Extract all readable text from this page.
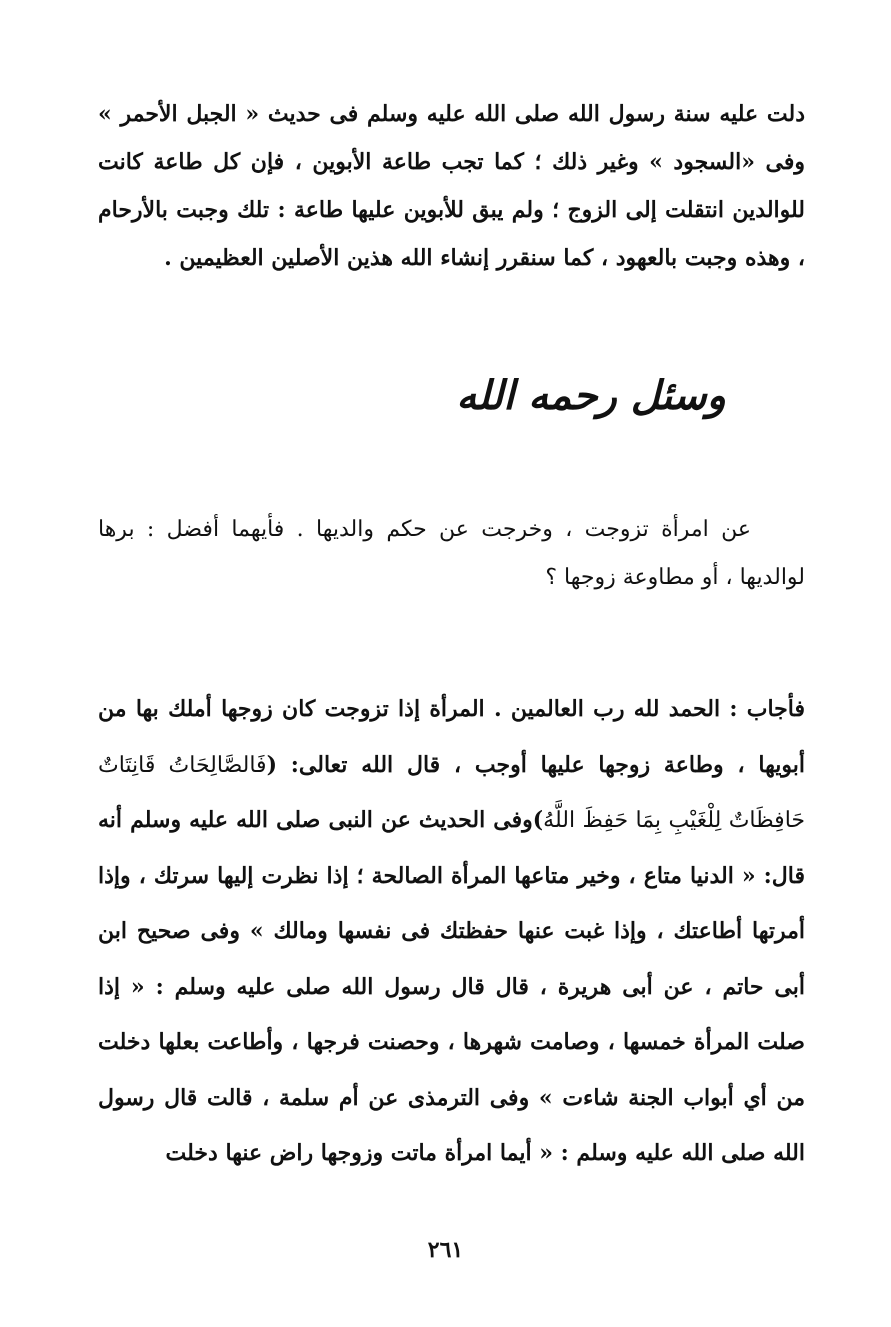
دلت عليه سنة رسول الله صلى الله عليه وسلم فى حديث « الجبل الأحمر » وفى «السجود » وغير ذلك ؛ كما تجب طاعة الأبوين ، فإن كل طاعة كانت للوالدين انتقلت إلى الزوج ؛ ولم يبق للأبوين عليها طاعة : تلك وجبت بالأرحام ، وهذه وجبت بالعهود ، كما سنقرر إنشاء الله هذين الأصلين العظيمين .

وسئل رحمه الله

عن امرأة تزوجت ، وخرجت عن حكم والديها . فأيهما أفضل : برها لوالديها ، أو مطاوعة زوجها ؟

فأجاب : الحمد لله رب العالمين . المرأة إذا تزوجت كان زوجها أملك بها من أبويها ، وطاعة زوجها عليها أوجب ، قال الله تعالى: (فَالصَّالِحَاتُ قَانِتَاتٌ حَافِظَاتٌ لِلْغَيْبِ بِمَا حَفِظَ اللَّهُ)وفى الحديث عن النبى صلى الله عليه وسلم أنه قال: « الدنيا متاع ، وخير متاعها المرأة الصالحة ؛ إذا نظرت إليها سرتك ، وإذا أمرتها أطاعتك ، وإذا غبت عنها حفظتك فى نفسها ومالك » وفى صحيح ابن أبى حاتم ، عن أبى هريرة ، قال قال رسول الله صلى عليه وسلم : « إذا صلت المرأة خمسها ، وصامت شهرها ، وحصنت فرجها ، وأطاعت بعلها دخلت من أي أبواب الجنة شاءت » وفى الترمذى عن أم سلمة ، قالت قال رسول الله صلى الله عليه وسلم : « أيما امرأة ماتت وزوجها راض عنها دخلت

٢٦١
